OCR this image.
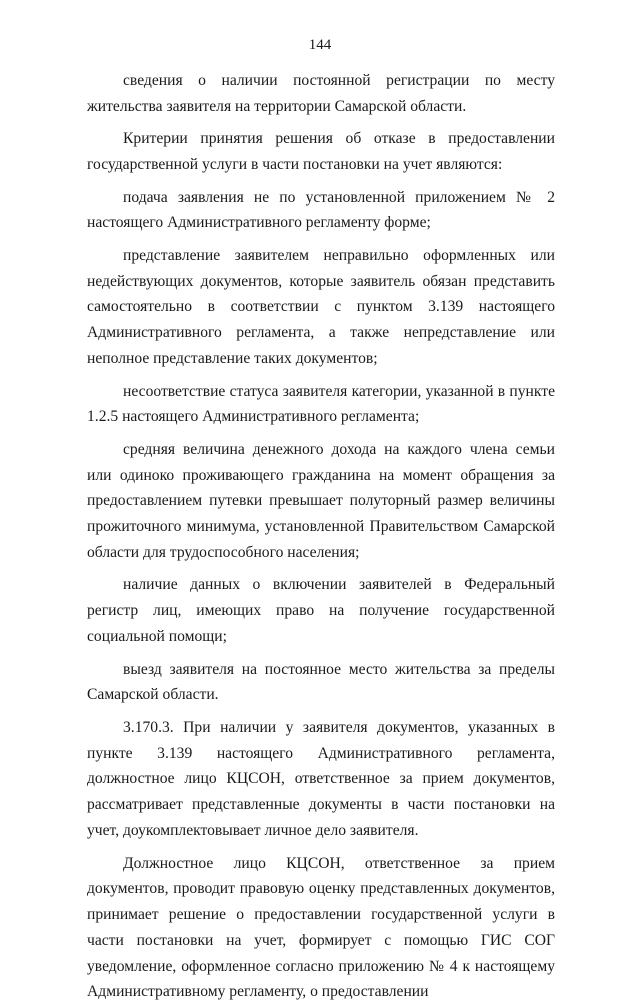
144

сведения о наличии постоянной регистрации по месту жительства заявителя на территории Самарской области.

Критерии принятия решения об отказе в предоставлении государственной услуги в части постановки на учет являются:

подача заявления не по установленной приложением № 2 настоящего Административного регламенту форме;

представление заявителем неправильно оформленных или недействующих документов, которые заявитель обязан представить самостоятельно в соответствии с пунктом 3.139 настоящего Административного регламента, а также непредставление или неполное представление таких документов;

несоответствие статуса заявителя категории, указанной в пункте 1.2.5 настоящего Административного регламента;

средняя величина денежного дохода на каждого члена семьи или одиноко проживающего гражданина на момент обращения за предоставлением путевки превышает полуторный размер величины прожиточного минимума, установленной Правительством Самарской области для трудоспособного населения;

наличие данных о включении заявителей в Федеральный регистр лиц, имеющих право на получение государственной социальной помощи;

выезд заявителя на постоянное место жительства за пределы Самарской области.

3.170.3. При наличии у заявителя документов, указанных в пункте 3.139 настоящего Административного регламента, должностное лицо КЦСОН, ответственное за прием документов, рассматривает представленные документы в части постановки на учет, доукомплектовывает личное дело заявителя.

Должностное лицо КЦСОН, ответственное за прием документов, проводит правовую оценку представленных документов, принимает решение о предоставлении государственной услуги в части постановки на учет, формирует с помощью ГИС СОГ уведомление, оформленное согласно приложению № 4 к настоящему Административному регламенту, о предоставлении
